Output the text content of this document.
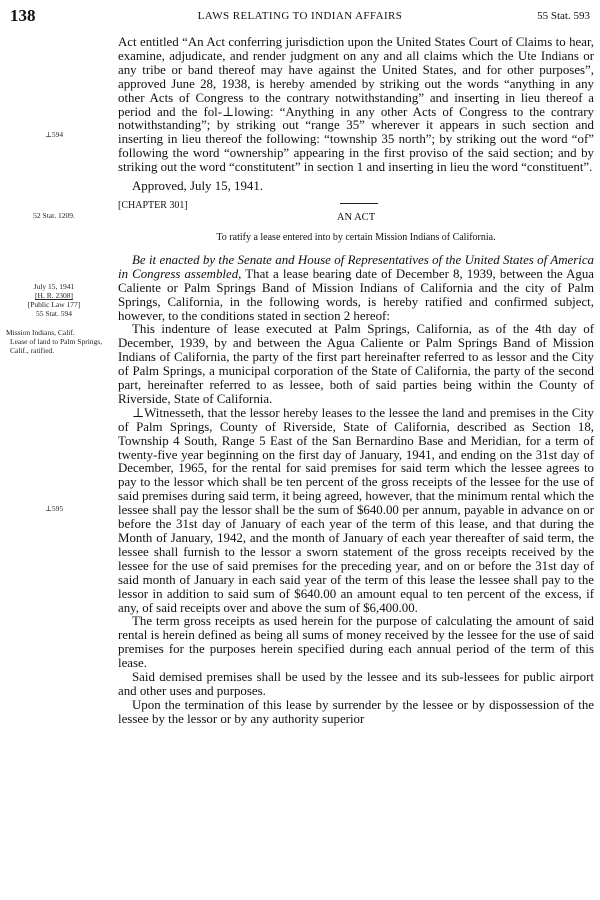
138	LAWS RELATING TO INDIAN AFFAIRS	55 Stat. 593
⊥594
52 Stat. 1209.
July 15, 1941
[H. R. 2308]
[Public Law 177]
55 Stat. 594
Mission Indians, Calif.
Lease of land to Palm Springs, Calif., ratified.
⊥595

Act entitled “An Act conferring jurisdiction upon the United States Court of Claims to hear, examine, adjudicate, and render judgment on any and all claims which the Ute Indians or any tribe or band thereof may have against the United States, and for other purposes”, approved June 28, 1938, is hereby amended by striking out the words “anything in any other Acts of Congress to the contrary notwithstanding” and inserting in lieu thereof a period and the fol-⊥lowing: “Anything in any other Acts of Congress to the contrary notwithstanding”; by striking out “range 35” wherever it appears in such section and inserting in lieu thereof the following: “township 35 north”; by striking out the word “of” following the word “ownership” appearing in the first proviso of the said section; and by striking out the word “constitutent” in section 1 and inserting in lieu the word “constituent”.

Approved, July 15, 1941.

[CHAPTER 301]
AN ACT

To ratify a lease entered into by certain Mission Indians of California.

Be it enacted by the Senate and House of Representatives of the United States of America in Congress assembled, That a lease bearing date of December 8, 1939, between the Agua Caliente or Palm Springs Band of Mission Indians of California and the city of Palm Springs, California, in the following words, is hereby ratified and confirmed subject, however, to the conditions stated in section 2 hereof:

This indenture of lease executed at Palm Springs, California, as of the 4th day of December, 1939, by and between the Agua Caliente or Palm Springs Band of Mission Indians of California, the party of the first part hereinafter referred to as lessor and the City of Palm Springs, a municipal corporation of the State of California, the party of the second part, hereinafter referred to as lessee, both of said parties being within the County of Riverside, State of California.

⊥Witnesseth, that the lessor hereby leases to the lessee the land and premises in the City of Palm Springs, County of Riverside, State of California, described as Section 18, Township 4 South, Range 5 East of the San Bernardino Base and Meridian, for a term of twenty-five year beginning on the first day of January, 1941, and ending on the 31st day of December, 1965, for the rental for said premises for said term which the lessee agrees to pay to the lessor which shall be ten percent of the gross receipts of the lessee for the use of said premises during said term, it being agreed, however, that the minimum rental which the lessee shall pay the lessor shall be the sum of $640.00 per annum, payable in advance on or before the 31st day of January of each year of the term of this lease, and that during the Month of January, 1942, and the month of January of each year thereafter of said term, the lessee shall furnish to the lessor a sworn statement of the gross receipts received by the lessee for the use of said premises for the preceding year, and on or before the 31st day of said month of January in each said year of the term of this lease the lessee shall pay to the lessor in addition to said sum of $640.00 an amount equal to ten percent of the excess, if any, of said receipts over and above the sum of $6,400.00.

The term gross receipts as used herein for the purpose of calculating the amount of said rental is herein defined as being all sums of money received by the lessee for the use of said premises for the purposes herein specified during each annual period of the term of this lease.

Said demised premises shall be used by the lessee and its sub-lessees for public airport and other uses and purposes.

Upon the termination of this lease by surrender by the lessee or by dispossession of the lessee by the lessor or by any authority superior
